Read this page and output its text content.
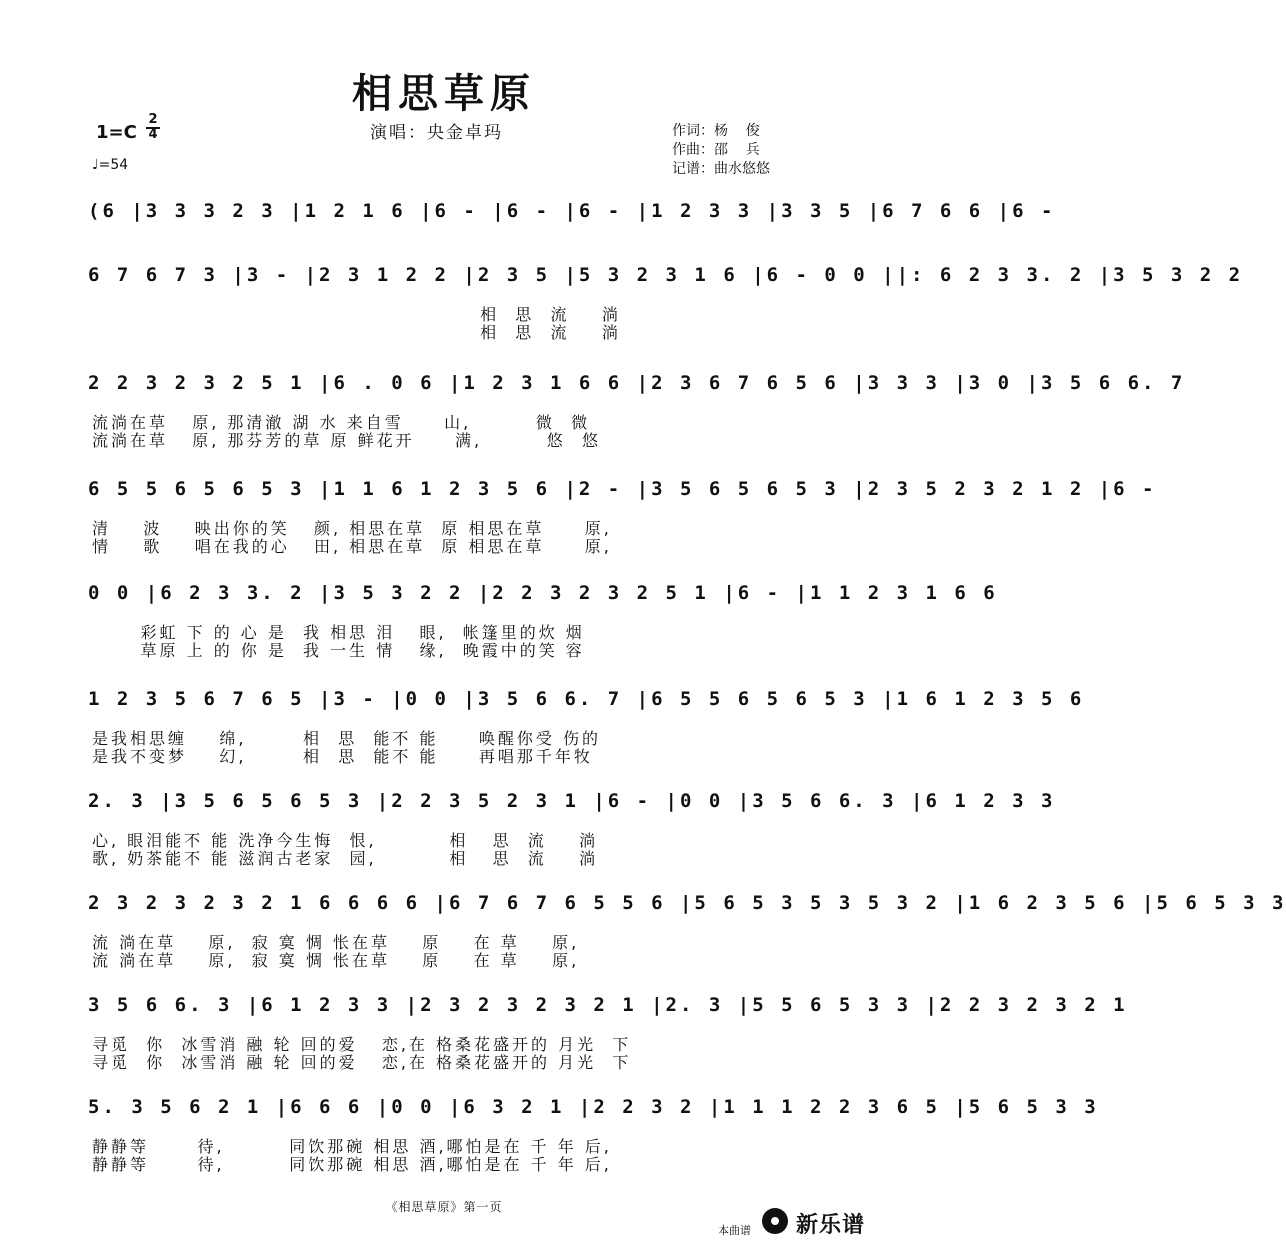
相思草原
演唱：央金卓玛	作词：杨    俊
作曲：邵    兵
记谱：曲水悠悠
$1=C \frac{2}{4}$
♩=54
(6 |3 3 3 2 3 |1 2 1 6 |6 - |6 - |6 - |1 2 3 3 |3 3 5 |6 7 6 6 |6 -
6 7 6 7 3 |3 - |2 3 1 2 2 |2 3 5 |5 3 2 3 1 6 |6 - 0 0 ||: 6 2 3 3. 2 |3 5 3 2 2
相  思  流    淌
相  思  流    淌
2 2 3 2 3 2 5 1 |6 . 0 6 |1 2 3 1 6 6 |2 3 6 7 6 5 6 |3 3 3 |3 0 |3 5 6 6. 7
流淌在草   原, 那清澈 湖 水 来自雪     山,        微  微
流淌在草   原, 那芬芳的草 原 鲜花开     满,        悠  悠
6 5 5 6 5 6 5 3 |1 1 6 1 2 3 5 6 |2 - |3 5 6 5 6 5 3 |2 3 5 2 3 2 1 2 |6 -
清    波    映出你的笑   颜, 相思在草  原 相思在草     原,
情    歌    唱在我的心   田, 相思在草  原 相思在草     原,
0 0 |6 2 3 3. 2 |3 5 3 2 2 |2 2 3 2 3 2 5 1 |6 - |1 1 2 3 1 6 6
彩虹 下 的 心 是  我 相思 泪   眼,  帐篷里的炊 烟
草原 上 的 你 是  我 一生 情   缘,  晚霞中的笑 容
1 2 3 5 6 7 6 5 |3 - |0 0 |3 5 6 6. 7 |6 5 5 6 5 6 5 3 |1 6 1 2 3 5 6
是我相思缠    绵,       相  思  能不 能     唤醒你受 伤的
是我不变梦    幻,       相  思  能不 能     再唱那千年牧
2. 3 |3 5 6 5 6 5 3 |2 2 3 5 2 3 1 |6 - |0 0 |3 5 6 6. 3 |6 1 2 3 3
心, 眼泪能不 能 洗净今生悔  恨,         相   思  流    淌
歌, 奶茶能不 能 滋润古老家  园,         相   思  流    淌
2 3 2 3 2 3 2 1 6 6 6 6 |6 7 6 7 6 5 5 6 |5 6 5 3 5 3 5 3 2 |1 6 2 3 5 6 |5 6 5 3 3
流 淌在草    原,  寂 寞 惆 怅在草    原    在 草    原,
流 淌在草    原,  寂 寞 惆 怅在草    原    在 草    原,
3 5 6 6. 3 |6 1 2 3 3 |2 3 2 3 2 3 2 1 |2. 3 |5 5 6 5 3 3 |2 2 3 2 3 2 1
寻觅  你  冰雪消 融 轮 回的爱   恋,在 格桑花盛开的 月光  下
寻觅  你  冰雪消 融 轮 回的爱   恋,在 格桑花盛开的 月光  下
5. 3 5 6 2 1 |6 6 6 |0 0 |6 3 2 1 |2 2 3 2 |1 1 1 2 2 3 6 5 |5 6 5 3 3
静静等      待,        同饮那碗 相思 酒,哪怕是在 千 年 后,
静静等      待,        同饮那碗 相思 酒,哪怕是在 千 年 后,
《相思草原》第一页
本曲谱 新乐谱
